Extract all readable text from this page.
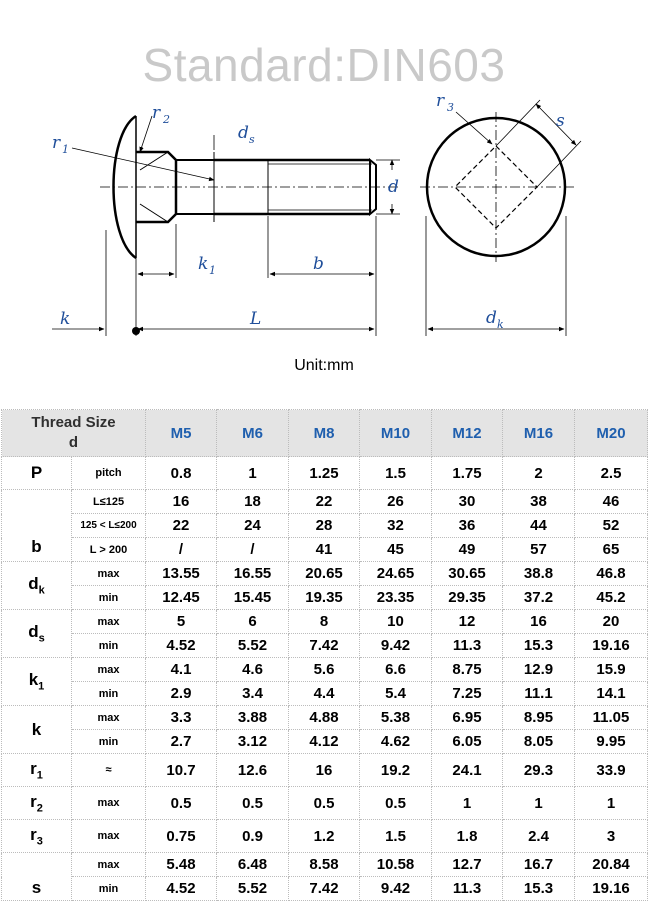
Standard:DIN603
r 1
r 2
r 3
d s
d
k 1	b
k	L	d k
s
Unit:mm
Thread Size
d		M5	M6	M8	M10	M12	M16	M20
P	pitch	0.8	1	1.25	1.5	1.75	2	2.5
b	L≤125	16	18	22	26	30	38	46
	125 < L≤200	22	24	28	32	36	44	52
	L > 200	/	/	41	45	49	57	65
$d_k$	max	13.55	16.55	20.65	24.65	30.65	38.8	46.8
	min	12.45	15.45	19.35	23.35	29.35	37.2	45.2
$d_s$	max	5	6	8	10	12	16	20
	min	4.52	5.52	7.42	9.42	11.3	15.3	19.16
$k_1$	max	4.1	4.6	5.6	6.6	8.75	12.9	15.9
	min	2.9	3.4	4.4	5.4	7.25	11.1	14.1
k	max	3.3	3.88	4.88	5.38	6.95	8.95	11.05
	min	2.7	3.12	4.12	4.62	6.05	8.05	9.95
$r_1$	≈	10.7	12.6	16	19.2	24.1	29.3	33.9
$r_2$	max	0.5	0.5	0.5	0.5	1	1	1
$r_3$	max	0.75	0.9	1.2	1.5	1.8	2.4	3
s	max	5.48	6.48	8.58	10.58	12.7	16.7	20.84
	min	4.52	5.52	7.42	9.42	11.3	15.3	19.16
